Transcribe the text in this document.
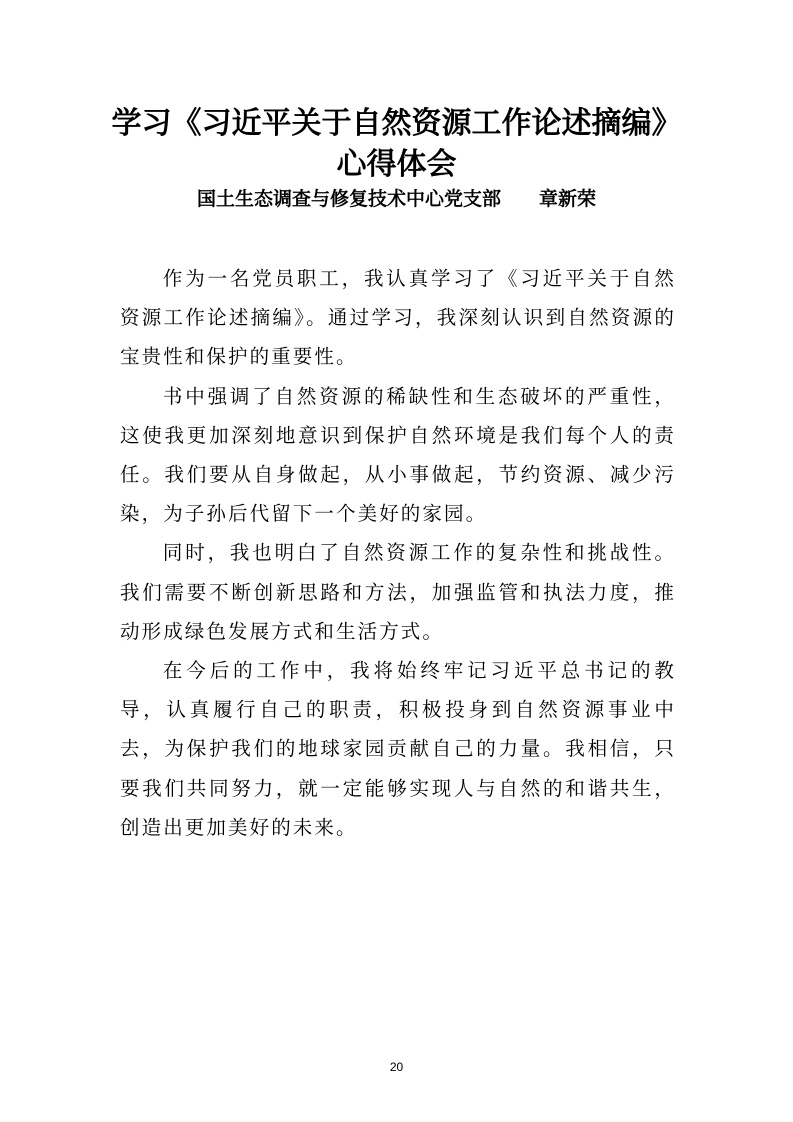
学习《习近平关于自然资源工作论述摘编》
心得体会
国土生态调查与修复技术中心党支部 章新荣

作为一名党员职工，我认真学习了《习近平关于自然资源工作论述摘编》。通过学习，我深刻认识到自然资源的宝贵性和保护的重要性。

书中强调了自然资源的稀缺性和生态破坏的严重性，这使我更加深刻地意识到保护自然环境是我们每个人的责任。我们要从自身做起，从小事做起，节约资源、减少污染，为子孙后代留下一个美好的家园。

同时，我也明白了自然资源工作的复杂性和挑战性。我们需要不断创新思路和方法，加强监管和执法力度，推动形成绿色发展方式和生活方式。

在今后的工作中，我将始终牢记习近平总书记的教导，认真履行自己的职责，积极投身到自然资源事业中去，为保护我们的地球家园贡献自己的力量。我相信，只要我们共同努力，就一定能够实现人与自然的和谐共生，创造出更加美好的未来。

20
